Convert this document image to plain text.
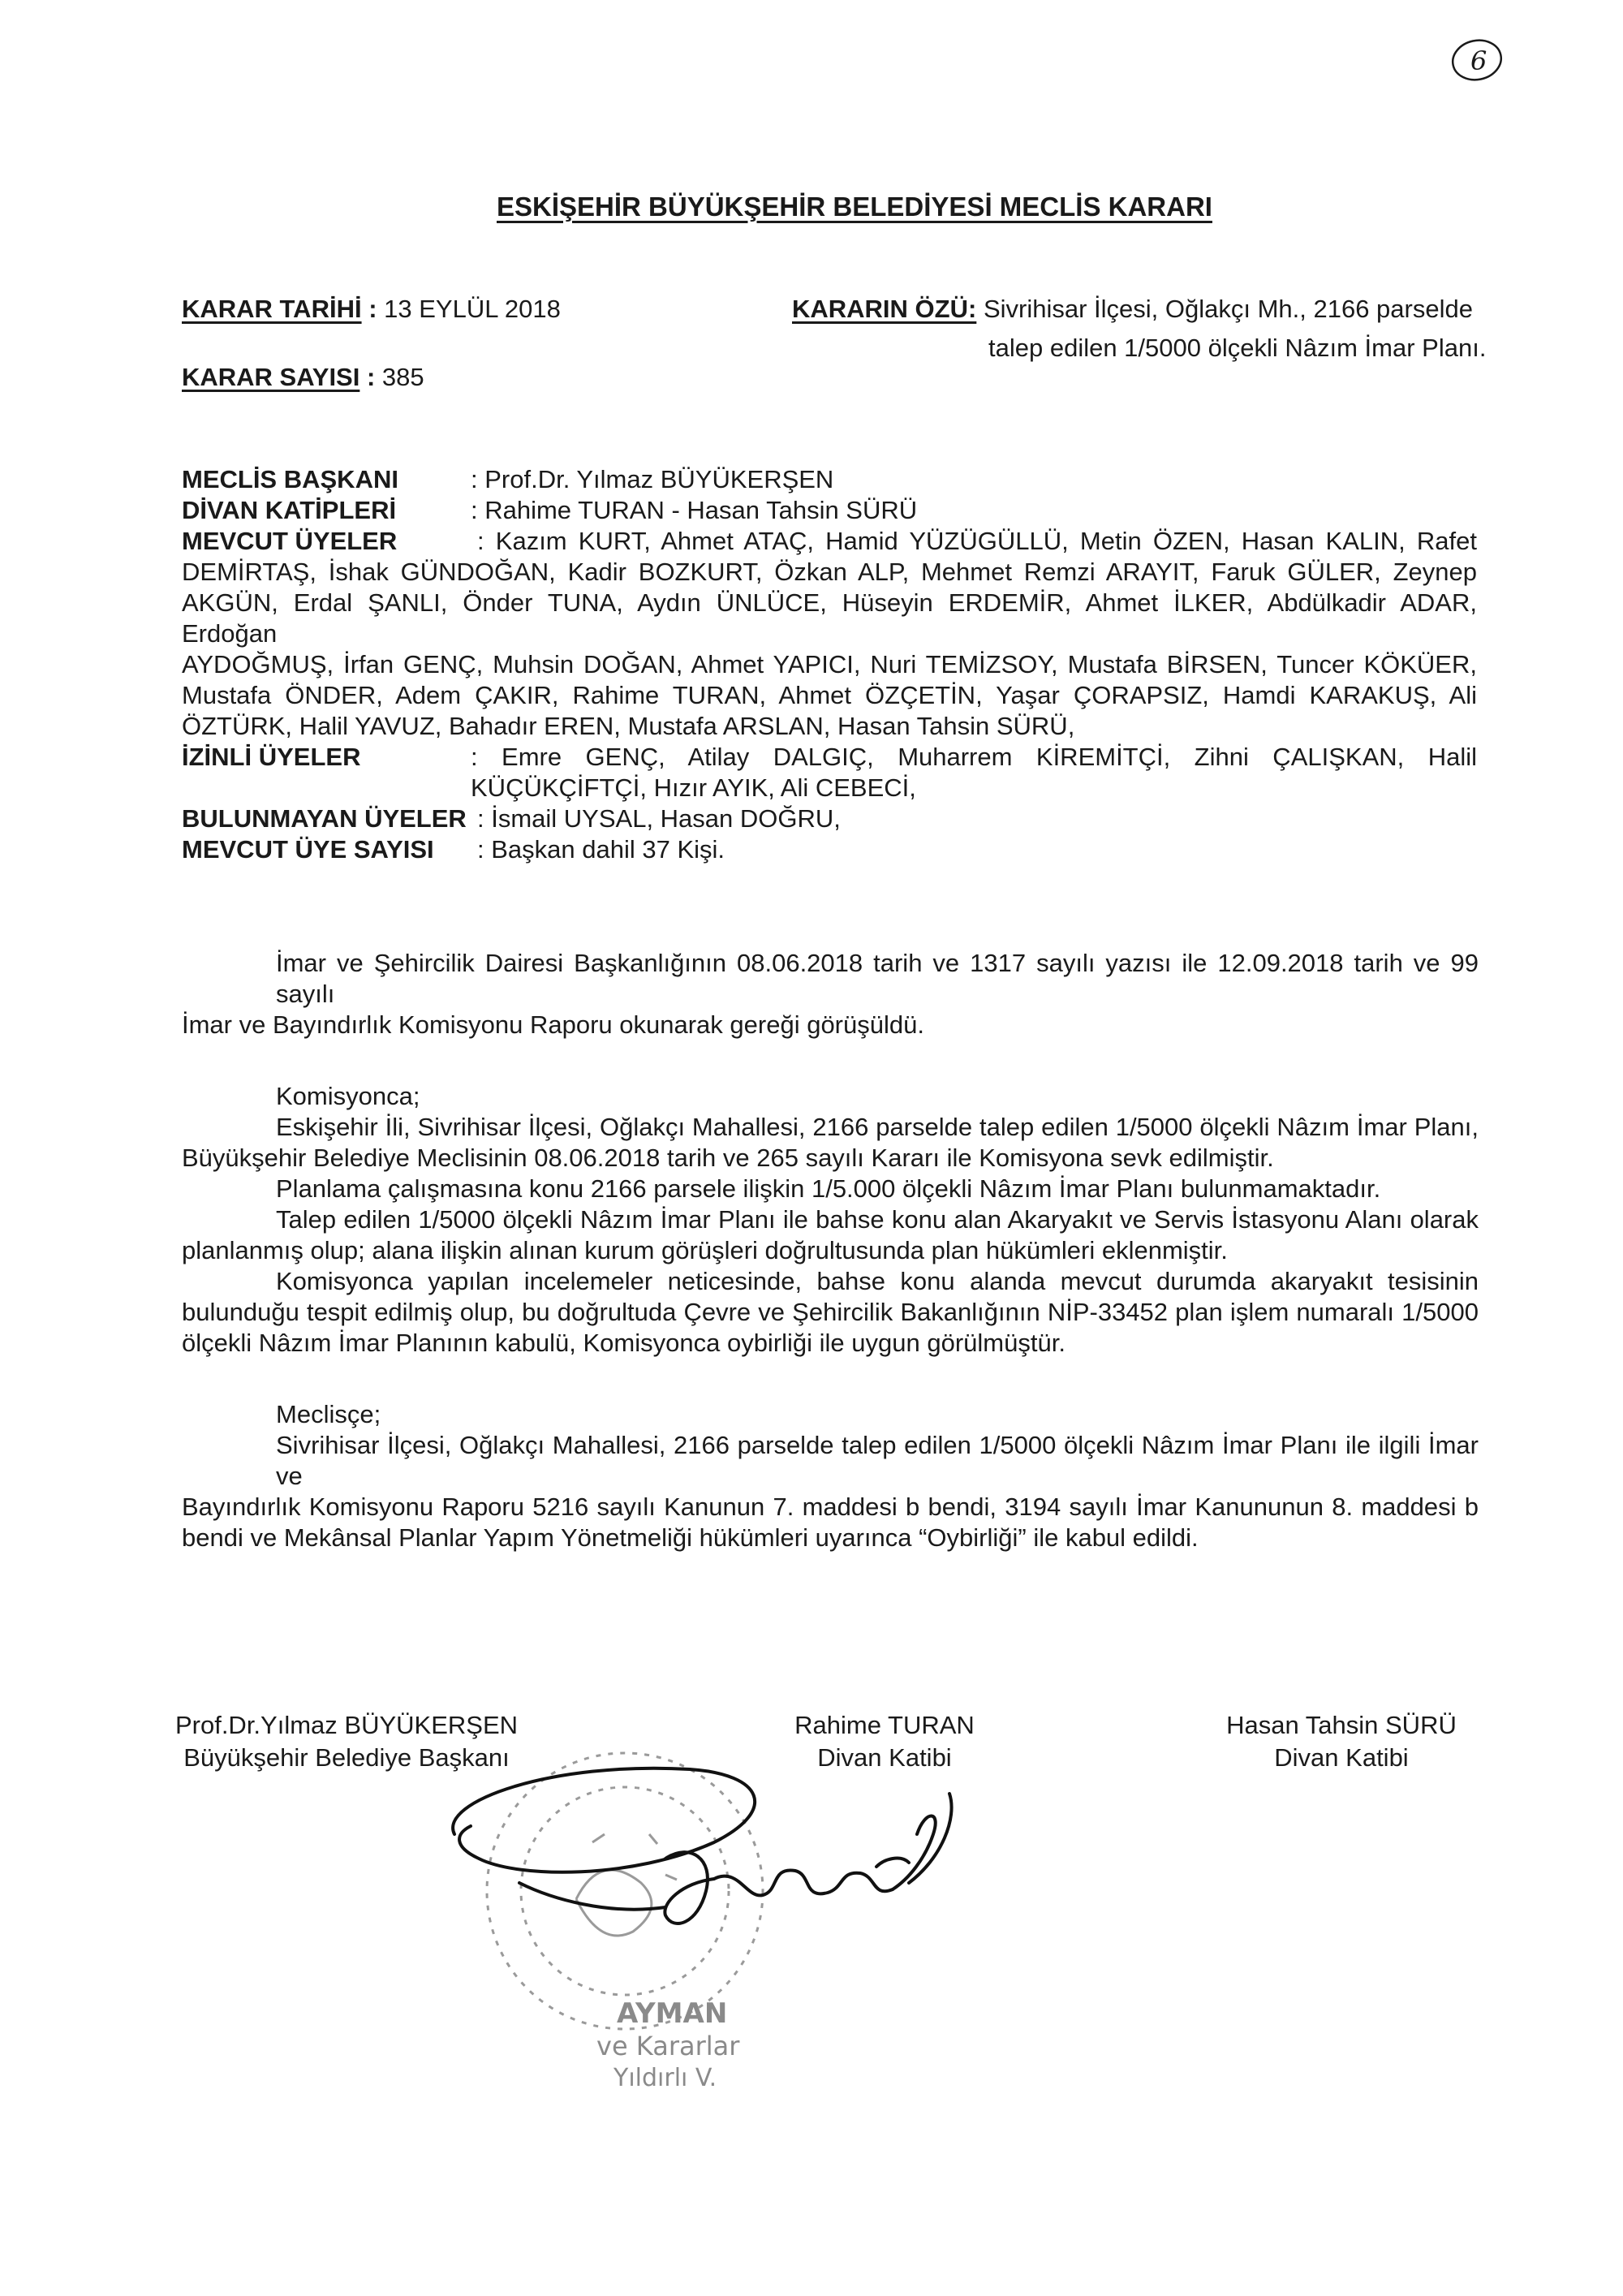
6
ESKİŞEHİR BÜYÜKŞEHİR BELEDİYESİ MECLİS KARARI
KARAR TARİHİ : 13 EYLÜL 2018
KARAR SAYISI : 385
KARARIN ÖZÜ: Sivrihisar İlçesi, Oğlakçı Mh., 2166 parselde
talep edilen 1/5000 ölçekli Nâzım İmar Planı.
MECLİS BAŞKANI	: Prof.Dr. Yılmaz BÜYÜKERŞEN
DİVAN KATİPLERİ	: Rahime TURAN - Hasan Tahsin SÜRÜ
MEVCUT ÜYELER	: Kazım KURT, Ahmet ATAÇ, Hamid YÜZÜGÜLLÜ, Metin ÖZEN, Hasan KALIN, Rafet
DEMİRTAŞ, İshak GÜNDOĞAN, Kadir BOZKURT, Özkan ALP, Mehmet Remzi ARAYIT, Faruk GÜLER, Zeynep
AKGÜN, Erdal ŞANLI, Önder TUNA, Aydın ÜNLÜCE, Hüseyin ERDEMİR, Ahmet İLKER, Abdülkadir ADAR, Erdoğan
AYDOĞMUŞ, İrfan GENÇ, Muhsin DOĞAN, Ahmet YAPICI, Nuri TEMİZSOY, Mustafa BİRSEN, Tuncer KÖKÜER,
Mustafa ÖNDER, Adem ÇAKIR, Rahime TURAN, Ahmet ÖZÇETİN, Yaşar ÇORAPSIZ, Hamdi KARAKUŞ, Ali
ÖZTÜRK, Halil YAVUZ, Bahadır EREN, Mustafa ARSLAN, Hasan Tahsin SÜRÜ,
İZİNLİ ÜYELER	: Emre GENÇ, Atilay DALGIÇ, Muharrem KİREMİTÇİ, Zihni ÇALIŞKAN, Halil
KÜÇÜKÇİFTÇİ, Hızır AYIK, Ali CEBECİ,
BULUNMAYAN ÜYELER : İsmail UYSAL, Hasan DOĞRU,
MEVCUT ÜYE SAYISI	: Başkan dahil 37 Kişi.
İmar ve Şehircilik Dairesi Başkanlığının 08.06.2018 tarih ve 1317 sayılı yazısı ile 12.09.2018 tarih ve 99 sayılı
İmar ve Bayındırlık Komisyonu Raporu okunarak gereği görüşüldü.
Komisyonca;
Eskişehir İli, Sivrihisar İlçesi, Oğlakçı Mahallesi, 2166 parselde talep edilen 1/5000 ölçekli Nâzım İmar Planı,
Büyükşehir Belediye Meclisinin 08.06.2018 tarih ve 265 sayılı Kararı ile Komisyona sevk edilmiştir.
Planlama çalışmasına konu 2166 parsele ilişkin 1/5.000 ölçekli Nâzım İmar Planı bulunmamaktadır.
Talep edilen 1/5000 ölçekli Nâzım İmar Planı ile bahse konu alan Akaryakıt ve Servis İstasyonu Alanı olarak
planlanmış olup; alana ilişkin alınan kurum görüşleri doğrultusunda plan hükümleri eklenmiştir.
Komisyonca yapılan incelemeler neticesinde, bahse konu alanda mevcut durumda akaryakıt tesisinin
bulunduğu tespit edilmiş olup, bu doğrultuda Çevre ve Şehircilik Bakanlığının NİP-33452 plan işlem numaralı 1/5000
ölçekli Nâzım İmar Planının kabulü, Komisyonca oybirliği ile uygun görülmüştür.
Meclisçe;
Sivrihisar İlçesi, Oğlakçı Mahallesi, 2166 parselde talep edilen 1/5000 ölçekli Nâzım İmar Planı ile ilgili İmar ve
Bayındırlık Komisyonu Raporu 5216 sayılı Kanunun 7. maddesi b bendi, 3194 sayılı İmar Kanununun 8. maddesi b
bendi ve Mekânsal Planlar Yapım Yönetmeliği hükümleri uyarınca “Oybirliği” ile kabul edildi.
Prof.Dr.Yılmaz BÜYÜKERŞEN
Büyükşehir Belediye Başkanı
Rahime TURAN
Divan Katibi
Hasan Tahsin SÜRÜ
Divan Katibi
AYMAN
ve Kararlar
Yıldırlı V.
